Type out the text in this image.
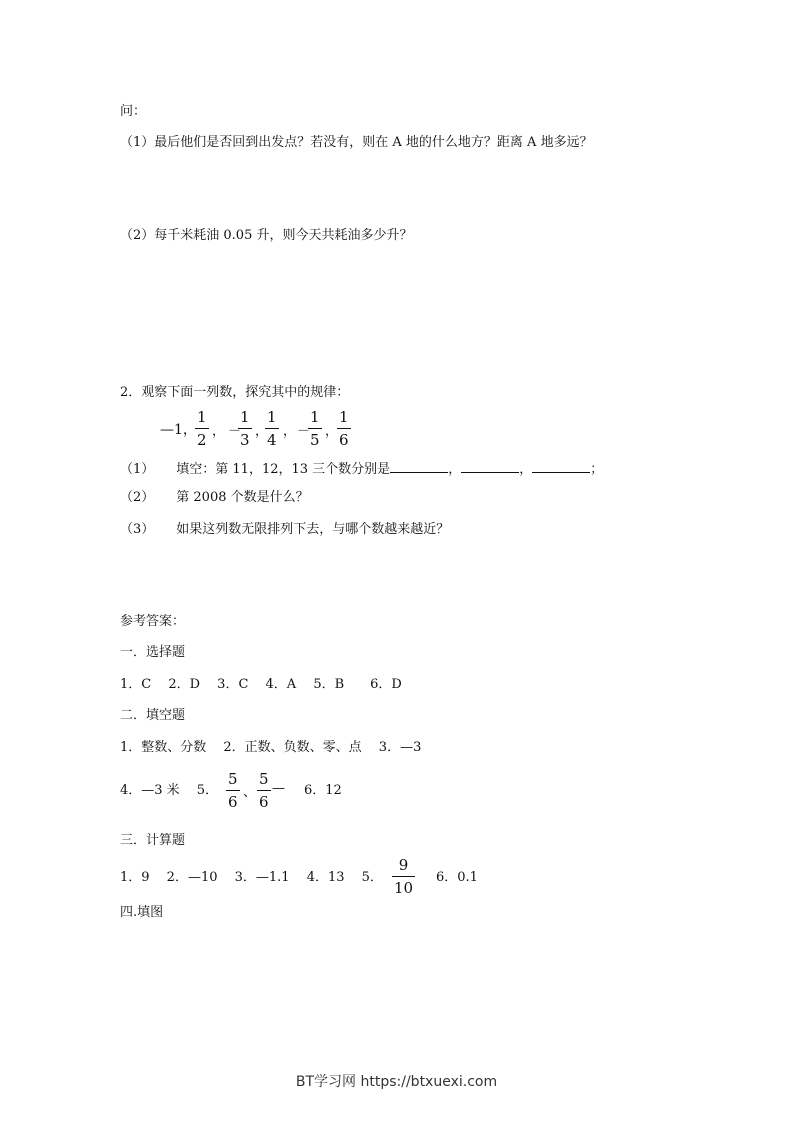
问：
（1）最后他们是否回到出发点？若没有，则在 A 地的什么地方？距离 A 地多远？
（2）每千米耗油 0.05 升，则今天共耗油多少升？
2．观察下面一列数，探究其中的规律：
—1，
1
2 ， －
1
3 ，
1
4 ， －
1
5 ，
1
6
（1） 填空：第 11，12，13 三个数分别是	，	，	；
（2） 第 2008 个数是什么？
（3） 如果这列数无限排列下去，与哪个数越来越近？
参考答案：
一．选择题
1．C　 2．D　 3．C　 4．A　 5．B　　6．D
二．填空题
1．整数、分数　 2．正数、负数、零、点　 3．—3
4．—3 米　 5．
5
6
、
5
6
— 6．12
三．计算题
1．9　 2．—10　 3．—1.1　 4．13　 5．
9
10
6．0.1
四.填图
BT学习网 https://btxuexi.com
